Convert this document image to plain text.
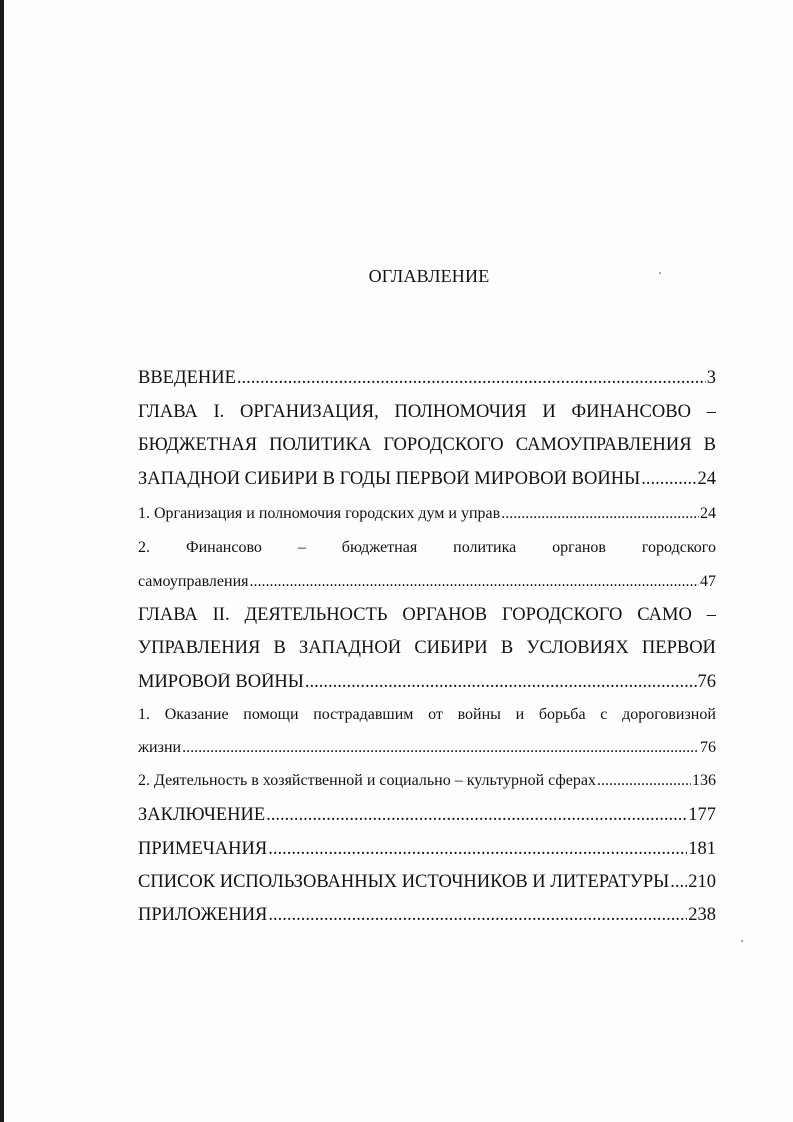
ОГЛАВЛЕНИЕ
ВВЕДЕНИЕ .....	3
ГЛАВА I. ОРГАНИЗАЦИЯ, ПОЛНОМОЧИЯ И ФИНАНСОВО –
БЮДЖЕТНАЯ ПОЛИТИКА ГОРОДСКОГО САМОУПРАВЛЕНИЯ В
ЗАПАДНОЙ СИБИРИ В ГОДЫ ПЕРВОЙ МИРОВОЙ ВОЙНЫ .....	24
1. Организация и полномочия городских дум и управ .....	24
2. Финансово – бюджетная политика органов городского
самоуправления .....	47
ГЛАВА II. ДЕЯТЕЛЬНОСТЬ ОРГАНОВ ГОРОДСКОГО САМО –
УПРАВЛЕНИЯ В ЗАПАДНОЙ СИБИРИ В УСЛОВИЯХ ПЕРВОЙ
МИРОВОЙ ВОЙНЫ .....	76
1. Оказание помощи пострадавшим от войны и борьба с дороговизной
жизни .....	76
2. Деятельность в хозяйственной и социально – культурной сферах .....	136
ЗАКЛЮЧЕНИЕ .....	177
ПРИМЕЧАНИЯ .....	181
СПИСОК ИСПОЛЬЗОВАННЫХ ИСТОЧНИКОВ И ЛИТЕРАТУРЫ ..... 210
ПРИЛОЖЕНИЯ .....	238
